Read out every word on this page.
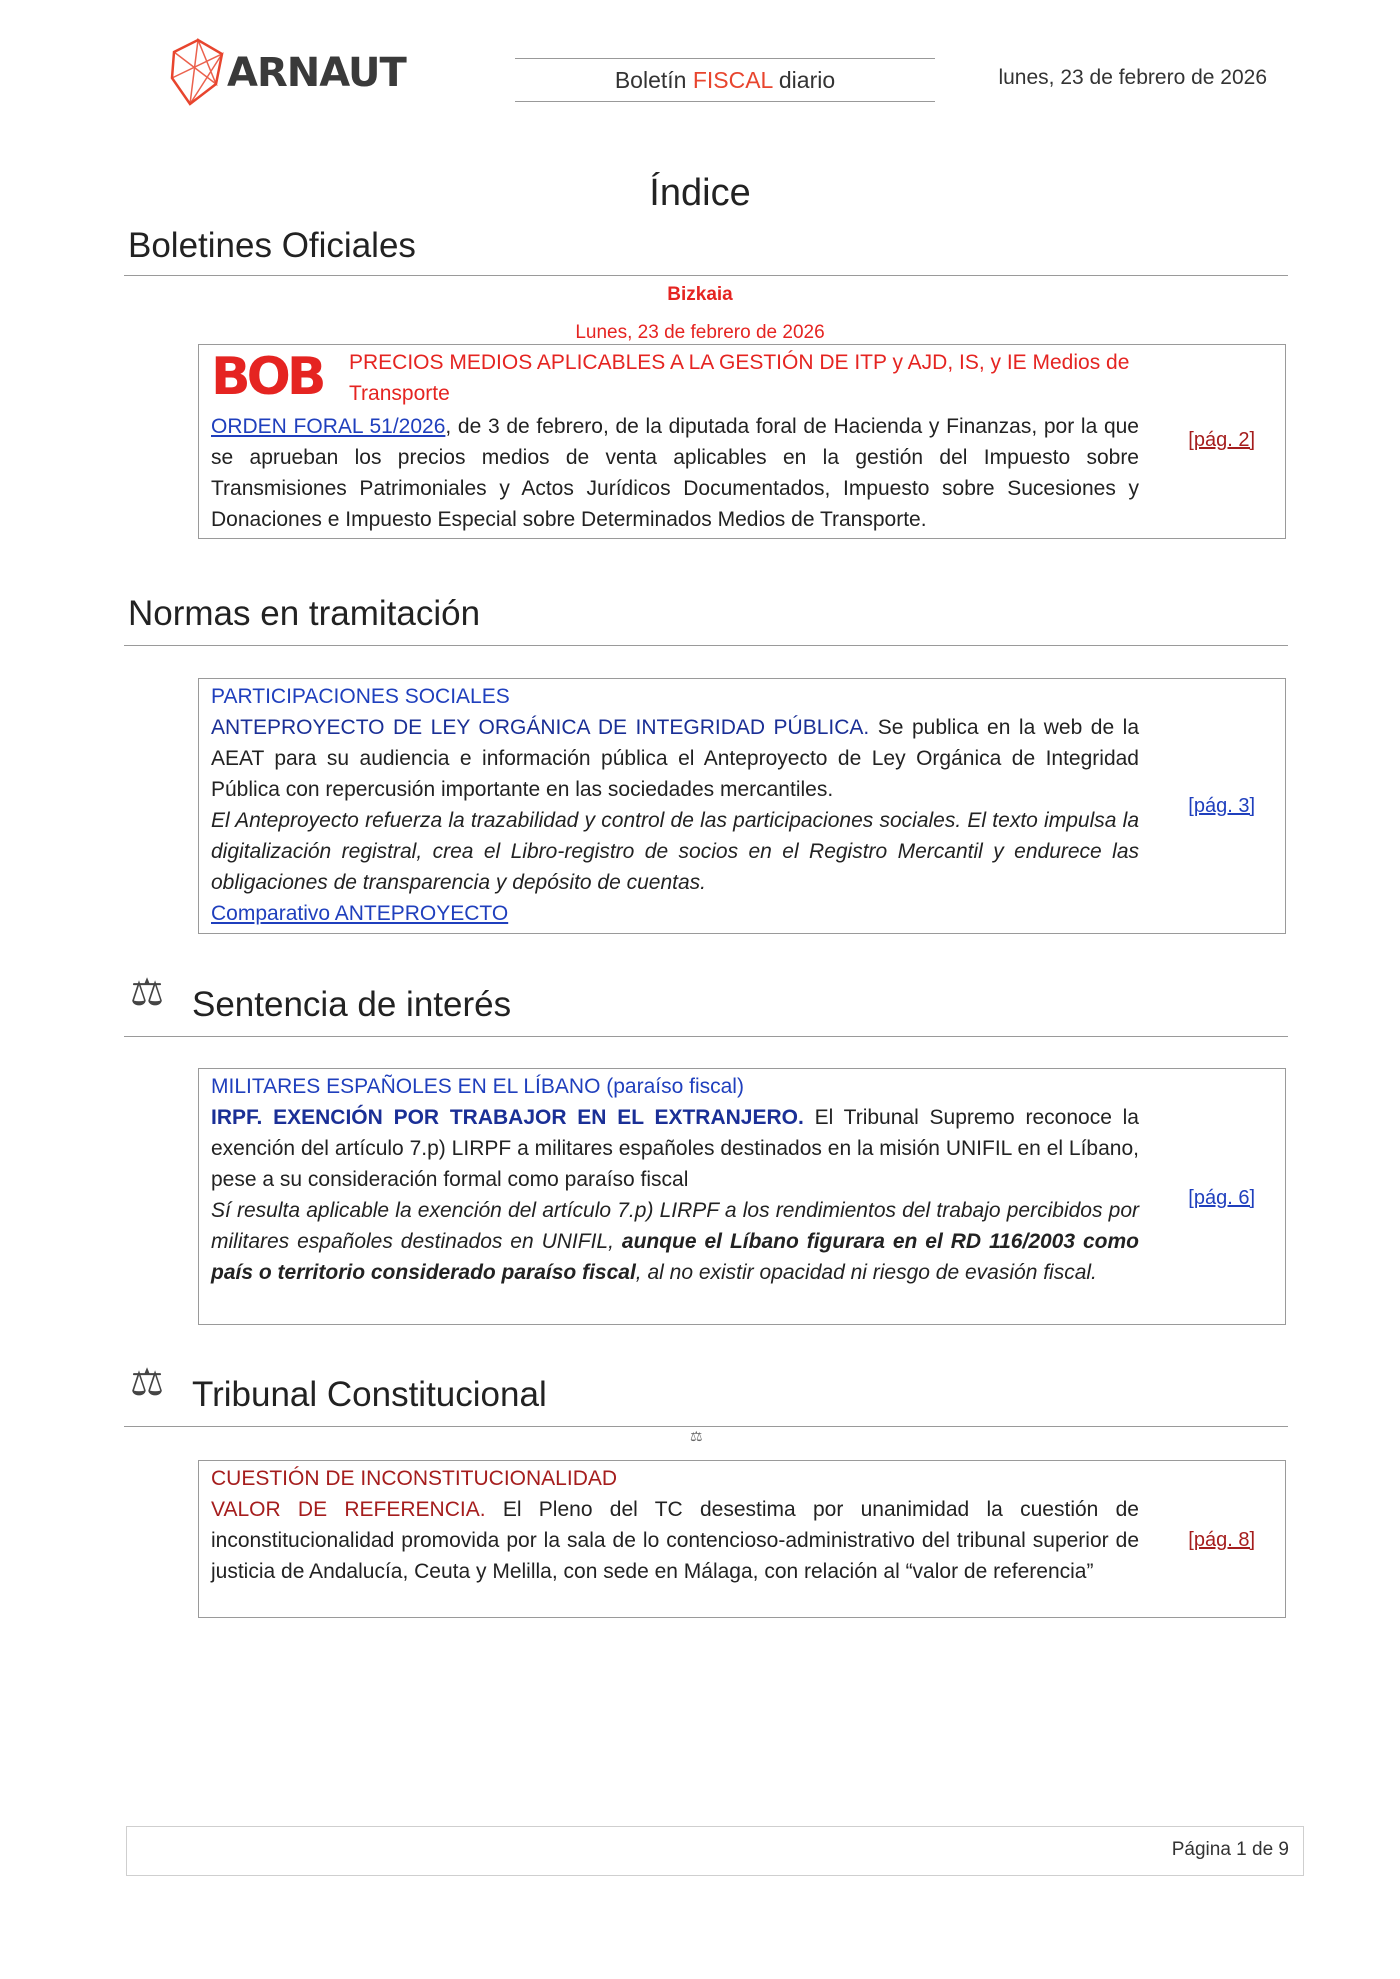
ARNAUT	Boletín FISCAL diario	lunes, 23 de febrero de 2026
Índice
Boletines Oficiales
Bizkaia
Lunes, 23 de febrero de 2026
BOB PRECIOS MEDIOS APLICABLES A LA GESTIÓN DE ITP y AJD, IS, y IE Medios de Transporte

ORDEN FORAL 51/2026, de 3 de febrero, de la diputada foral de Hacienda y Finanzas, por la que se aprueban los precios medios de venta aplicables en la gestión del Impuesto sobre Transmisiones Patrimoniales y Actos Jurídicos Documentados, Impuesto sobre Sucesiones y Donaciones e Impuesto Especial sobre Determinados Medios de Transporte.

[pág. 2]
Normas en tramitación

PARTICIPACIONES SOCIALES

ANTEPROYECTO DE LEY ORGÁNICA DE INTEGRIDAD PÚBLICA. Se publica en la web de la AEAT para su audiencia e información pública el Anteproyecto de Ley Orgánica de Integridad Pública con repercusión importante en las sociedades mercantiles.

El Anteproyecto refuerza la trazabilidad y control de las participaciones sociales. El texto impulsa la digitalización registral, crea el Libro-registro de socios en el Registro Mercantil y endurece las obligaciones de transparencia y depósito de cuentas.

Comparativo ANTEPROYECTO

[pág. 3]
⚖ Sentencia de interés

MILITARES ESPAÑOLES EN EL LÍBANO (paraíso fiscal)

IRPF. EXENCIÓN POR TRABAJOR EN EL EXTRANJERO. El Tribunal Supremo reconoce la exención del artículo 7.p) LIRPF a militares españoles destinados en la misión UNIFIL en el Líbano, pese a su consideración formal como paraíso fiscal

Sí resulta aplicable la exención del artículo 7.p) LIRPF a los rendimientos del trabajo percibidos por militares españoles destinados en UNIFIL, aunque el Líbano figurara en el RD 116/2003 como país o territorio considerado paraíso fiscal, al no existir opacidad ni riesgo de evasión fiscal.

[pág. 6]
⚖ Tribunal Constitucional
⚖

CUESTIÓN DE INCONSTITUCIONALIDAD

VALOR DE REFERENCIA. El Pleno del TC desestima por unanimidad la cuestión de inconstitucionalidad promovida por la sala de lo contencioso-administrativo del tribunal superior de justicia de Andalucía, Ceuta y Melilla, con sede en Málaga, con relación al “valor de referencia”

[pág. 8]
Página 1 de 9
